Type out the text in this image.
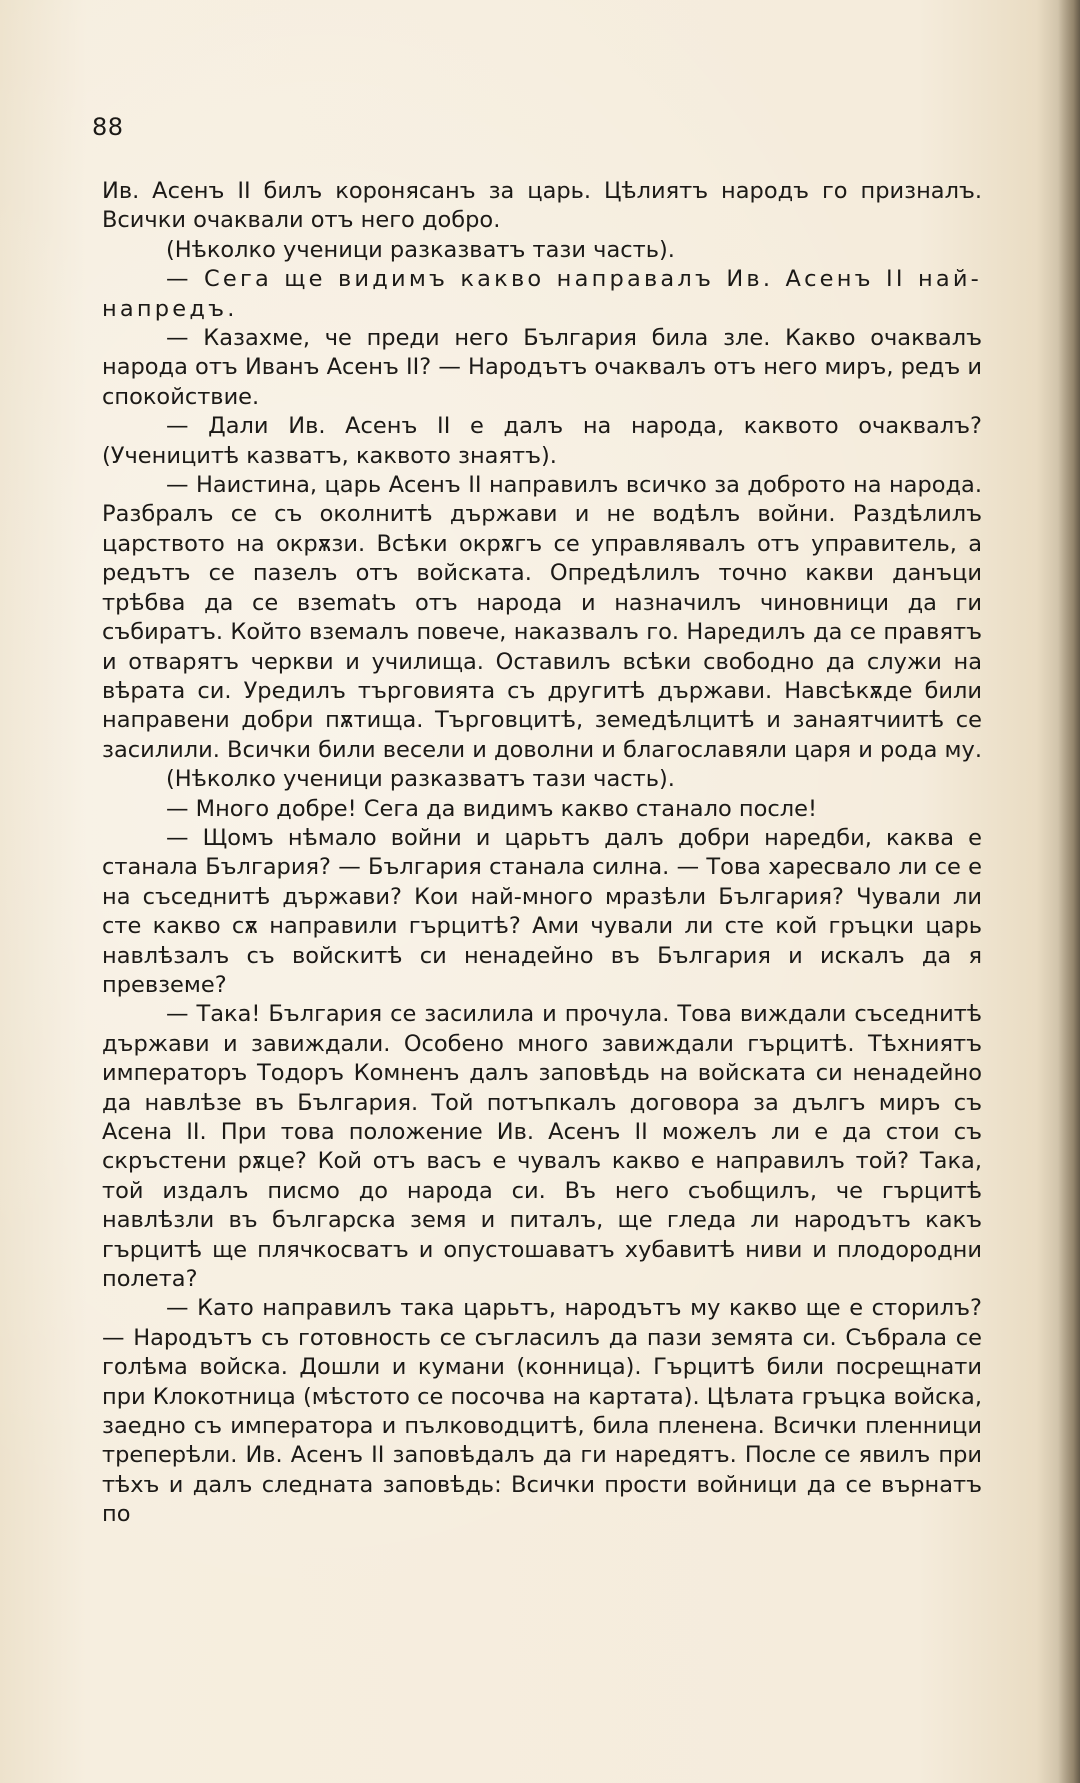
88

Ив. Асенъ II билъ коронясанъ за царь. Цѣлиятъ народъ го призналъ. Всички очаквали отъ него добро.

(Нѣколко ученици разказватъ тази часть).

— Сега ще видимъ какво направалъ Ив. Асенъ II най-напредъ.

— Казахме, че преди него България била зле. Какво очаквалъ народа отъ Иванъ Асенъ II? — Народътъ очаквалъ отъ него миръ, редъ и спокойствие.

— Дали Ив. Асенъ II е далъ на народа, каквото очаквалъ? (Ученицитѣ казватъ, каквото знаятъ).

— Наистина, царь Асенъ II направилъ всичко за доброто на народа. Разбралъ се съ околнитѣ държави и не водѣлъ войни. Раздѣлилъ царството на окрѫзи. Всѣки окрѫгъ се управлявалъ отъ управитель, а редътъ се пазелъ отъ войската. Опредѣлилъ точно какви данъци трѣбва да се взematъ отъ народа и назначилъ чиновници да ги събиратъ. Който вземалъ повече, наказвалъ го. Наредилъ да се правятъ и отварятъ черкви и училища. Оставилъ всѣки свободно да служи на вѣрата си. Уредилъ търговията съ другитѣ държави. Навсѣкѫде били направени добри пѫтища. Търговцитѣ, земедѣлцитѣ и занаятчиитѣ се засилили. Всички били весели и доволни и благославяли царя и рода му.

(Нѣколко ученици разказватъ тази часть).

— Много добре! Сега да видимъ какво станало после!

— Щомъ нѣмало войни и царьтъ далъ добри наредби, каква е станала България? — България станала силна. — Това харесвало ли се е на съседнитѣ държави? Кои най-много мразѣли България? Чували ли сте какво сѫ направили гърцитѣ? Ами чували ли сте кой гръцки царь навлѣзалъ съ войскитѣ си ненадейно въ България и искалъ да я превземе?

— Така! България се засилила и прочула. Това виждали съседнитѣ държави и завиждали. Особено много завиждали гърцитѣ. Тѣхниятъ императоръ Тодоръ Комненъ далъ заповѣдь на войската си ненадейно да навлѣзе въ България. Той потъпкалъ договора за дългъ миръ съ Асена II. При това положение Ив. Асенъ II можелъ ли е да стои съ скръстени рѫце? Кой отъ васъ е чувалъ какво е направилъ той? Така, той издалъ писмо до народа си. Въ него съобщилъ, че гърцитѣ навлѣзли въ българска земя и питалъ, ще гледа ли народътъ какъ гърцитѣ ще плячкосватъ и опустошаватъ хубавитѣ ниви и плодородни полета?

— Като направилъ така царьтъ, народътъ му какво ще е сторилъ? — Народътъ съ готовность се съгласилъ да пази земята си. Събрала се голѣма войска. Дошли и кумани (конница). Гърцитѣ били посрещнати при Клокотница (мѣстото се посочва на картата). Цѣлата гръцка войска, заедно съ императора и пълководцитѣ, била пленена. Всички пленници треперѣли. Ив. Асенъ II заповѣдалъ да ги наредятъ. После се явилъ при тѣхъ и далъ следната заповѣдь: Всички прости войници да се върнатъ по
